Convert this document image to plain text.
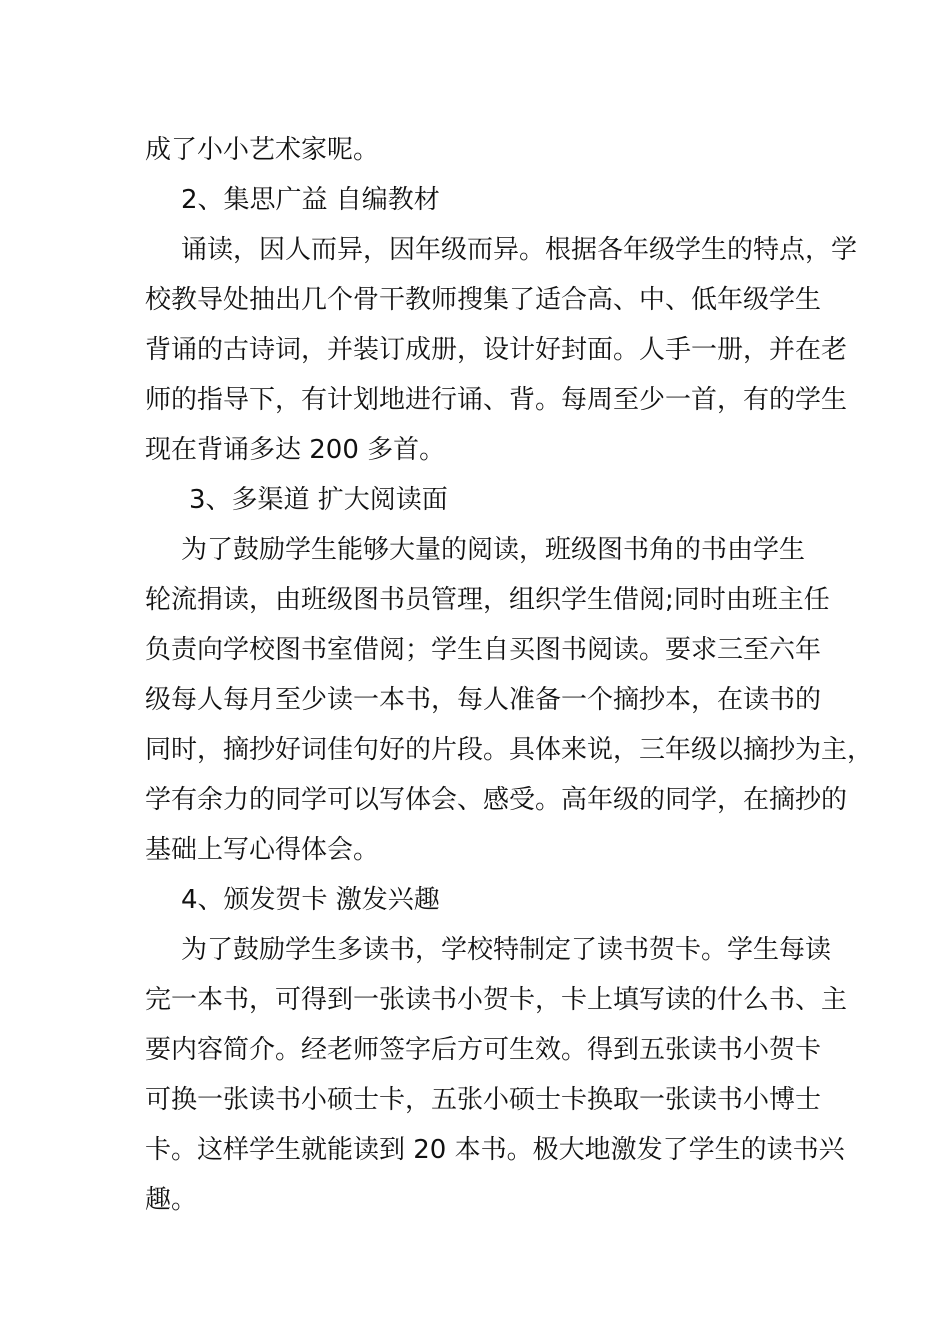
成了小小艺术家呢。
2、集思广益 自编教材
诵读，因人而异，因年级而异。根据各年级学生的特点，学
校教导处抽出几个骨干教师搜集了适合高、中、低年级学生
背诵的古诗词，并装订成册，设计好封面。人手一册，并在老
师的指导下，有计划地进行诵、背。每周至少一首，有的学生
现在背诵多达 200 多首。
3、多渠道 扩大阅读面
为了鼓励学生能够大量的阅读，班级图书角的书由学生
轮流捐读，由班级图书员管理，组织学生借阅;同时由班主任
负责向学校图书室借阅；学生自买图书阅读。要求三至六年
级每人每月至少读一本书，每人准备一个摘抄本，在读书的
同时，摘抄好词佳句好的片段。具体来说，三年级以摘抄为主，
学有余力的同学可以写体会、感受。高年级的同学，在摘抄的
基础上写心得体会。
4、颁发贺卡 激发兴趣
为了鼓励学生多读书，学校特制定了读书贺卡。学生每读
完一本书，可得到一张读书小贺卡，卡上填写读的什么书、主
要内容简介。经老师签字后方可生效。得到五张读书小贺卡
可换一张读书小硕士卡，五张小硕士卡换取一张读书小博士
卡。这样学生就能读到 20 本书。极大地激发了学生的读书兴
趣。
